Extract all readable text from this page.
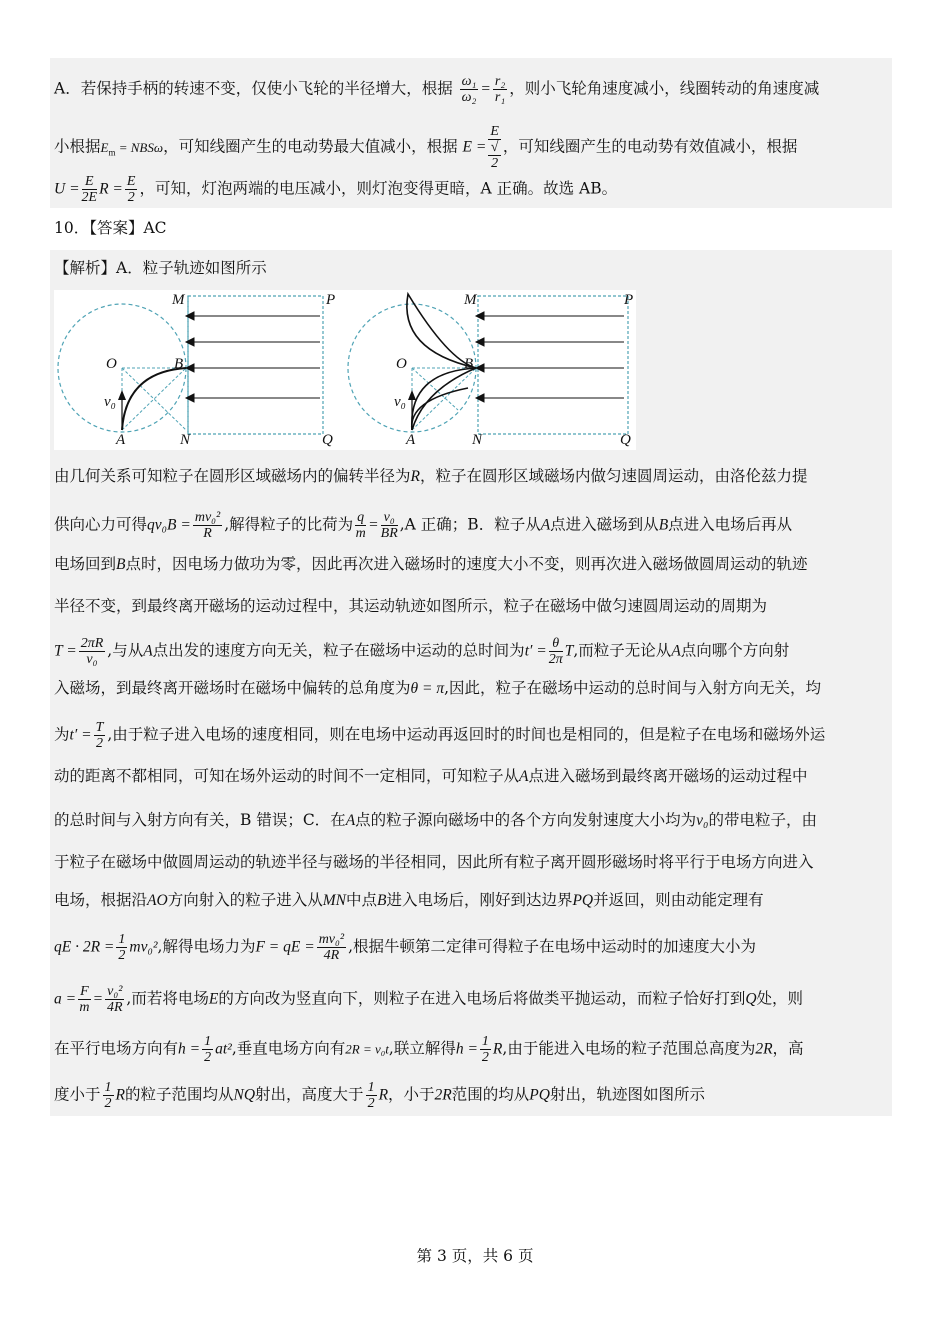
A．若保持手柄的转速不变，仅使小飞轮的半径增大，根据 $\frac{\text{ω₁}}{\text{ω₂}} = \frac{\text{r₂}}{\text{r₁}}$ ，则小飞轮角速度减小，线圈转动的角速度减
小根据$E_m = NBS\omega$，可知线圈产生的电动势最大值减小，根据 E = E
√
2 ，可知线圈产生的电动势有效值减小，根据
$U = \frac{E}{2E}$ $R = \frac{E}{2}$ ，可知，灯泡两端的电压减小，则灯泡变得更暗，A 正确。故选 AB。
10．【答案】AC
【解析】A．粒子轨迹如图所示
M	P
O	B
v₀
A	N	Q
M	P
O	B
v₀
A	N	Q
由几何关系可知粒子在圆形区域磁场内的偏转半径为R，粒子在圆形区域磁场内做匀速圆周运动，由洛伦兹力提
供向心力可得$qv_0B = \frac{\text{mv₀²}}{R}$ ,解得粒子的比荷为 $\frac{q}{m} = \frac{\text{v₀}}{BR} ,A$ 正确；B．粒子从A点进入磁场到从B点进入电场后再从
电场回到B点时，因电场力做功为零，因此再次进入磁场时的速度大小不变，则再次进入磁场做圆周运动的轨迹
半径不变，到最终离开磁场的运动过程中，其运动轨迹如图所示，粒子在磁场中做匀速圆周运动的周期为
$T = \frac{2\pi R}{\text{v₀}}$ ,与从A点出发的速度方向无关，粒子在磁场中运动的总时间为$t' = \frac{\theta}{2\pi} T$,而粒子无论从A点向哪个方向射
入磁场，到最终离开磁场时在磁场中偏转的总角度为θ = π,因此，粒子在磁场中运动的总时间与入射方向无关，均
为$t' = \frac{T}{2}$ ,由于粒子进入电场的速度相同，则在电场中运动再返回时的时间也是相同的，但是粒子在电场和磁场外运
动的距离不都相同，可知在场外运动的时间不一定相同，可知粒子从A点进入磁场到最终离开磁场的运动过程中
的总时间与入射方向有关，B 错误；C．在A点的粒子源向磁场中的各个方向发射速度大小均为v₀的带电粒子，由
于粒子在磁场中做圆周运动的轨迹半径与磁场的半径相同，因此所有粒子离开圆形磁场时将平行于电场方向进入
电场，根据沿AO方向射入的粒子进入从MN中点B进入电场后，刚好到达边界PQ并返回，则由动能定理有
qE · $2R = \frac{1}{2} mv_0^2$,解得电场力为F = qE = $\frac{\text{mv₀²}}{4R}$ ,根据牛顿第二定律可得粒子在电场中运动时的加速度大小为
$a = \frac{F}{m} = \frac{\text{v₀²}}{4R}$ ,而若将电场E的方向改为竖直向下，则粒子在进入电场后将做类平抛运动，而粒子恰好打到Q处，则
在平行电场方向有$h = \frac{1}{2} at^2$,垂直电场方向有2R = v₀t,联立解得$h = \frac{1}{2} R$,由于能进入电场的粒子范围总高度为2R，高
度小于 $\frac{1}{2}$ R的粒子范围均从NQ射出，高度大于 $\frac{1}{2}$ R，小于2R范围的均从PQ射出，轨迹图如图所示
第 3 页，共 6 页
